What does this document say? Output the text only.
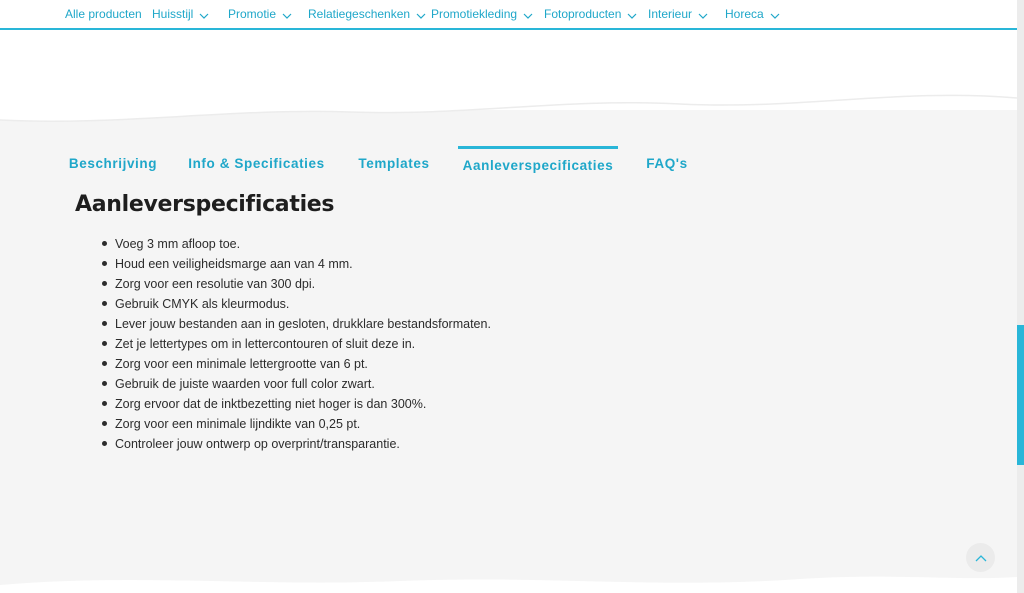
Alle producten Huisstijl	Promotie	Relatiegeschenken	Promotiekleding	Fotoproducten	Interieur	Horeca
Beschrijving	Info & Specificaties	Templates	Aanleverspecificaties	FAQ's
Aanleverspecificaties
Voeg 3 mm afloop toe.
Houd een veiligheidsmarge aan van 4 mm.
Zorg voor een resolutie van 300 dpi.
Gebruik CMYK als kleurmodus.
Lever jouw bestanden aan in gesloten, drukklare bestandsformaten.
Zet je lettertypes om in lettercontouren of sluit deze in.
Zorg voor een minimale lettergrootte van 6 pt.
Gebruik de juiste waarden voor full color zwart.
Zorg ervoor dat de inktbezetting niet hoger is dan 300%.
Zorg voor een minimale lijndikte van 0,25 pt.
Controleer jouw ontwerp op overprint/transparantie.
